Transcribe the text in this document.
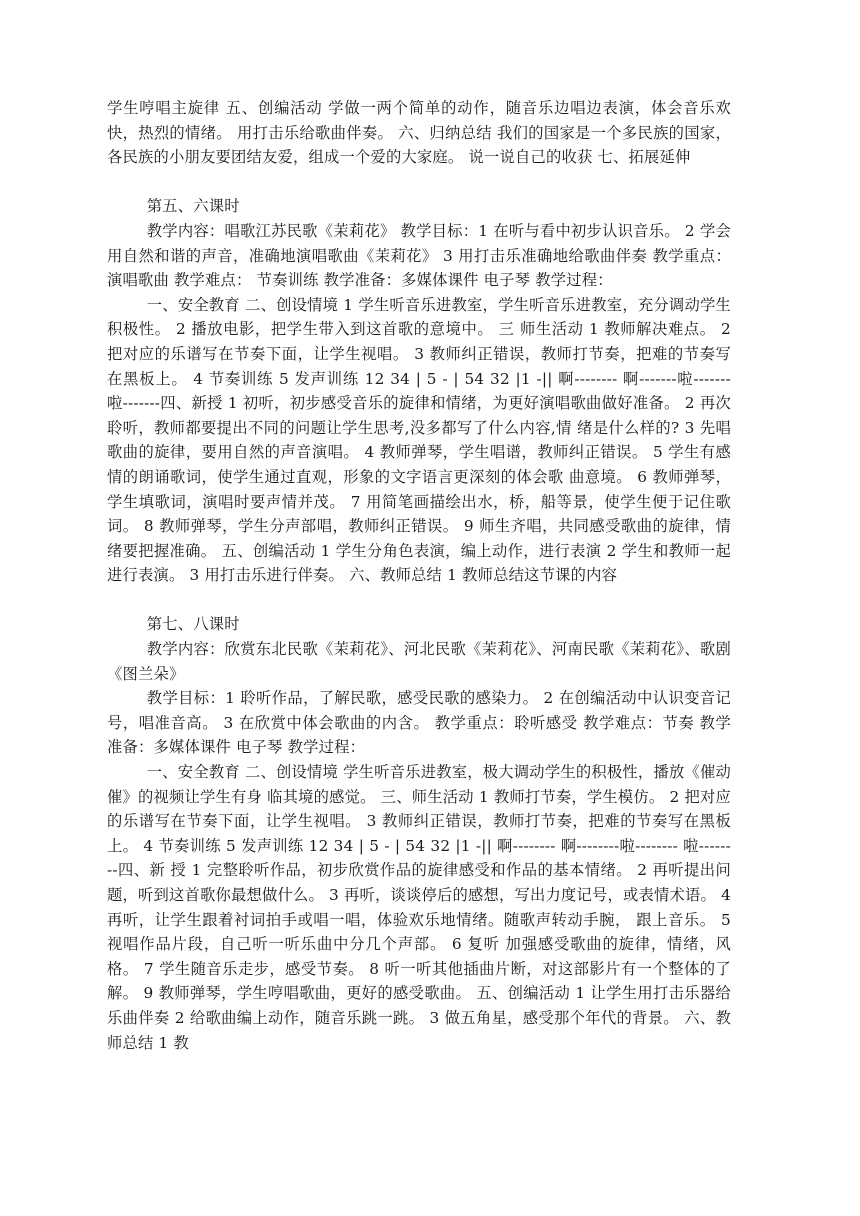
学生哼唱主旋律 五、创编活动 学做一两个简单的动作，随音乐边唱边表演，体会音乐欢快，热烈的情绪。 用打击乐给歌曲伴奏。 六、归纳总结 我们的国家是一个多民族的国家，各民族的小朋友要团结友爱，组成一个爱的大家庭。 说一说自己的收获 七、拓展延伸

第五、六课时

教学内容：唱歌江苏民歌《茉莉花》 教学目标：1 在听与看中初步认识音乐。 2 学会用自然和谐的声音，准确地演唱歌曲《茉莉花》 3 用打击乐准确地给歌曲伴奏 教学重点： 演唱歌曲 教学难点： 节奏训练 教学准备：多媒体课件 电子琴 教学过程：

一、安全教育 二、创设情境 1 学生听音乐进教室，学生听音乐进教室，充分调动学生积极性。 2 播放电影，把学生带入到这首歌的意境中。 三 师生活动 1 教师解决难点。 2 把对应的乐谱写在节奏下面，让学生视唱。 3 教师纠正错误，教师打节奏，把难的节奏写在黑板上。 4 节奏训练 5 发声训练 12 34 | 5 - | 54 32 |1 -|| 啊-------- 啊-------啦-------啦-------四、新授 1 初听，初步感受音乐的旋律和情绪，为更好演唱歌曲做好准备。 2 再次聆听，教师都要提出不同的问题让学生思考,没多都写了什么内容,情 绪是什么样的? 3 先唱歌曲的旋律，要用自然的声音演唱。 4 教师弹琴，学生唱谱，教师纠正错误。 5 学生有感情的朗诵歌词，使学生通过直观，形象的文字语言更深刻的体会歌 曲意境。 6 教师弹琴，学生填歌词，演唱时要声情并茂。 7 用简笔画描绘出水，桥，船等景，使学生便于记住歌词。 8 教师弹琴，学生分声部唱，教师纠正错误。 9 师生齐唱，共同感受歌曲的旋律，情绪要把握准确。 五、创编活动 1 学生分角色表演，编上动作，进行表演 2 学生和教师一起进行表演。 3 用打击乐进行伴奏。 六、教师总结 1 教师总结这节课的内容

第七、八课时

教学内容：欣赏东北民歌《茉莉花》、河北民歌《茉莉花》、河南民歌《茉莉花》、歌剧 《图兰朵》

教学目标：1 聆听作品，了解民歌，感受民歌的感染力。 2 在创编活动中认识变音记号，唱准音高。 3 在欣赏中体会歌曲的内含。 教学重点：聆听感受 教学难点：节奏 教学准备：多媒体课件 电子琴 教学过程：

一、安全教育 二、创设情境 学生听音乐进教室，极大调动学生的积极性，播放《催动催》的视频让学生有身 临其境的感觉。 三、师生活动 1 教师打节奏，学生模仿。 2 把对应的乐谱写在节奏下面，让学生视唱。 3 教师纠正错误，教师打节奏，把难的节奏写在黑板上。 4 节奏训练 5 发声训练 12 34 | 5 - | 54 32 |1 -|| 啊-------- 啊--------啦-------- 啦--------四、新 授 1 完整聆听作品，初步欣赏作品的旋律感受和作品的基本情绪。 2 再听提出问题，听到这首歌你最想做什么。 3 再听，谈谈停后的感想，写出力度记号，或表情术语。 4 再听，让学生跟着衬词拍手或唱一唱，体验欢乐地情绪。随歌声转动手腕， 跟上音乐。 5 视唱作品片段，自己听一听乐曲中分几个声部。 6 复听 加强感受歌曲的旋律，情绪，风格。 7 学生随音乐走步，感受节奏。 8 听一听其他插曲片断，对这部影片有一个整体的了解。 9 教师弹琴，学生哼唱歌曲，更好的感受歌曲。 五、创编活动 1 让学生用打击乐器给乐曲伴奏 2 给歌曲编上动作，随音乐跳一跳。 3 做五角星，感受那个年代的背景。 六、教师总结 1 教
